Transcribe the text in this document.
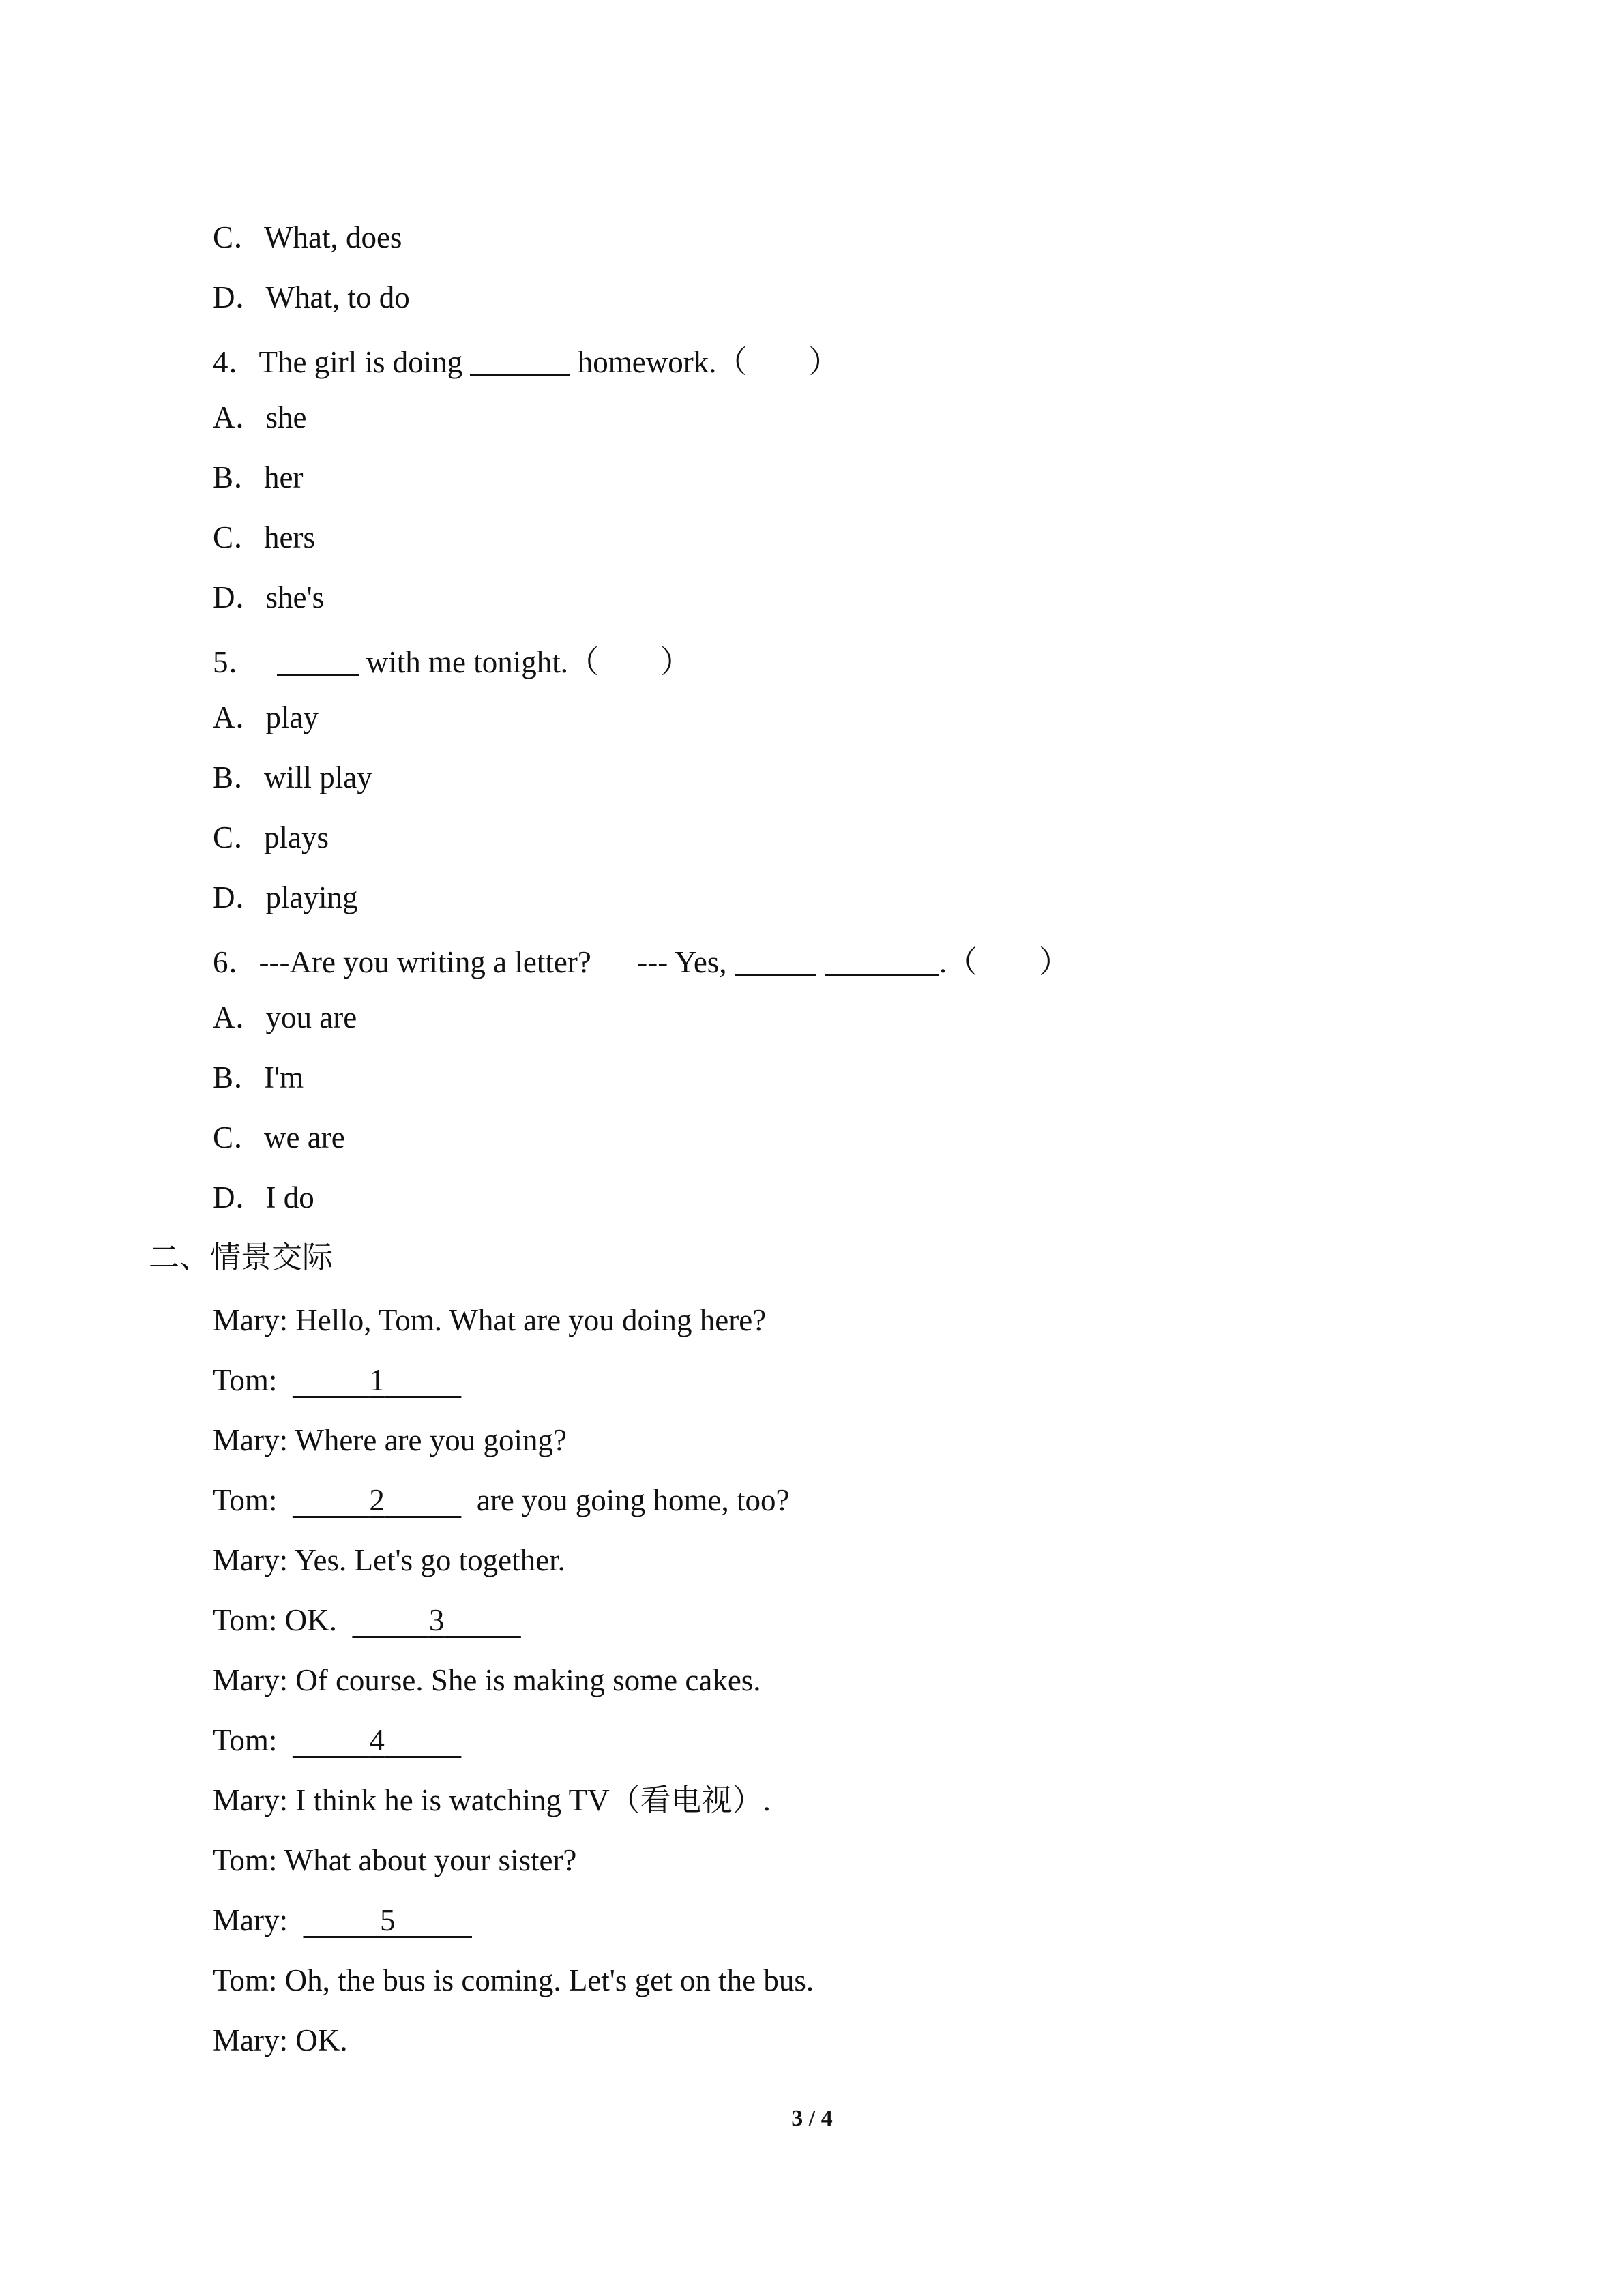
C．What, does
D．What, to do
4．The girl is doing	homework.（        ）
A．she
B．her
C．hers
D．she's
5．	with me tonight.（        ）
A．play
B．will play
C．plays
D．playing
6．---Are you writing a letter?      --- Yes,	.（        ）
A．you are
B．I'm
C．we are
D．I do
二、情景交际
Mary: Hello, Tom. What are you doing here?
Tom:	1
Mary: Where are you going?
Tom:	2	are you going home, too?
Mary: Yes. Let's go together.
Tom: OK.	3
Mary: Of course. She is making some cakes.
Tom:	4
Mary: I think he is watching TV（看电视）.
Tom: What about your sister?
Mary:	5
Tom: Oh, the bus is coming. Let's get on the bus.
Mary: OK.
3 / 4
